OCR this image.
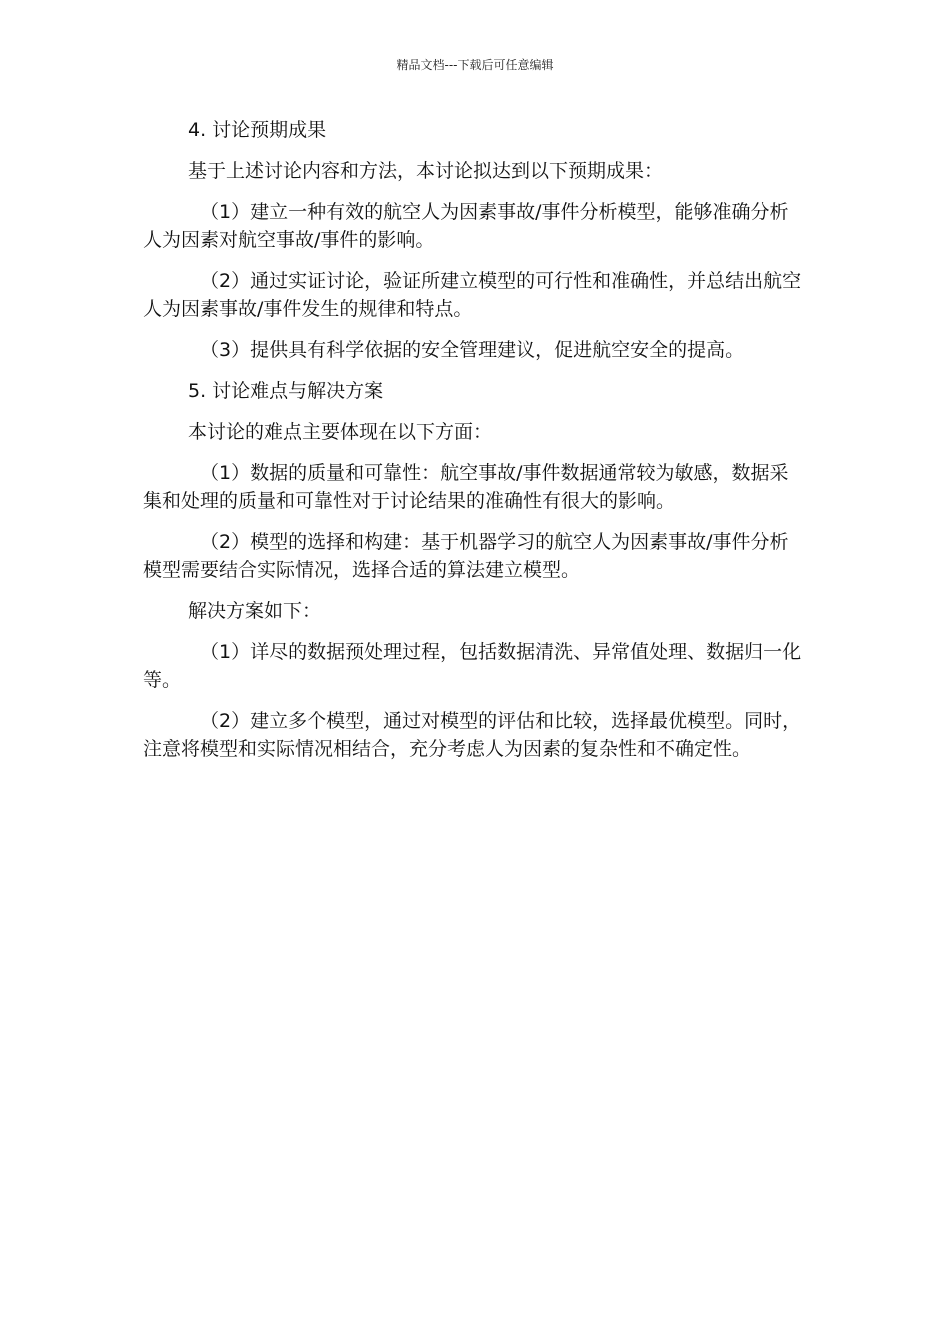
精品文档---下载后可任意编辑

4. 讨论预期成果

基于上述讨论内容和方法，本讨论拟达到以下预期成果：

（1）建立一种有效的航空人为因素事故/事件分析模型，能够准确分析人为因素对航空事故/事件的影响。

（2）通过实证讨论，验证所建立模型的可行性和准确性，并总结出航空人为因素事故/事件发生的规律和特点。

（3）提供具有科学依据的安全管理建议，促进航空安全的提高。

5. 讨论难点与解决方案

本讨论的难点主要体现在以下方面：

（1）数据的质量和可靠性：航空事故/事件数据通常较为敏感，数据采集和处理的质量和可靠性对于讨论结果的准确性有很大的影响。

（2）模型的选择和构建：基于机器学习的航空人为因素事故/事件分析模型需要结合实际情况，选择合适的算法建立模型。

解决方案如下：

（1）详尽的数据预处理过程，包括数据清洗、异常值处理、数据归一化等。

（2）建立多个模型，通过对模型的评估和比较，选择最优模型。同时，注意将模型和实际情况相结合，充分考虑人为因素的复杂性和不确定性。
